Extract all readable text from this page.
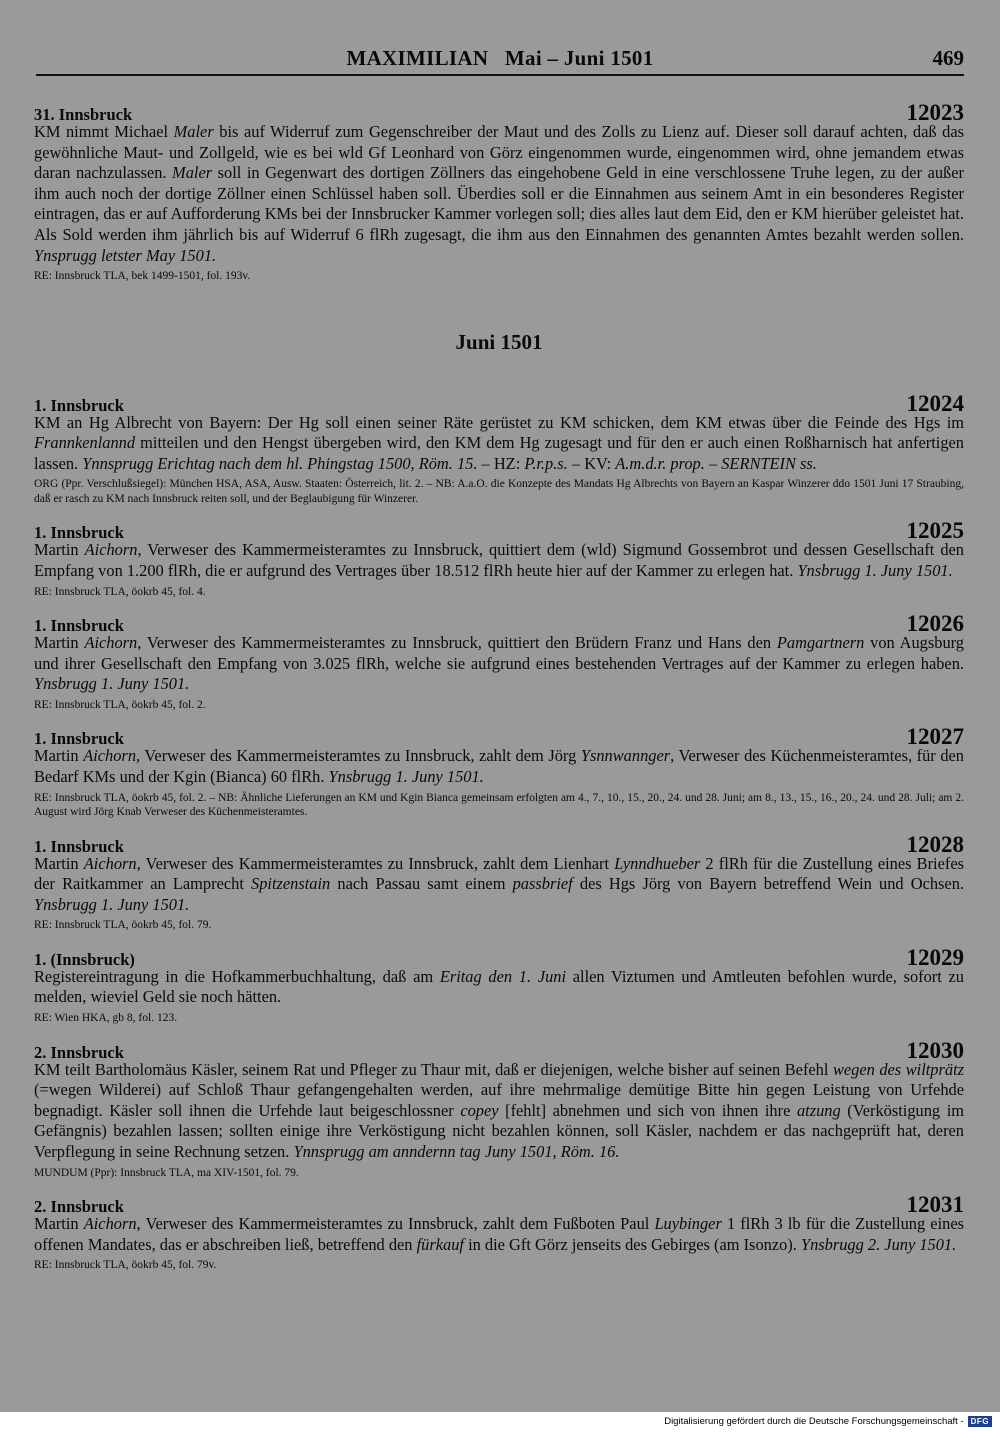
MAXIMILIAN   Mai – Juni 1501	469
31. Innsbruck	12023
KM nimmt Michael Maler bis auf Widerruf zum Gegenschreiber der Maut und des Zolls zu Lienz auf. Dieser soll darauf achten, daß das gewöhnliche Maut- und Zollgeld, wie es bei wld Gf Leonhard von Görz eingenommen wurde, eingenommen wird, ohne jemandem etwas daran nachzulassen. Maler soll in Gegenwart des dortigen Zöllners das eingehobene Geld in eine verschlossene Truhe legen, zu der außer ihm auch noch der dortige Zöllner einen Schlüssel haben soll. Überdies soll er die Einnahmen aus seinem Amt in ein besonderes Register eintragen, das er auf Aufforderung KMs bei der Innsbrucker Kammer vorlegen soll; dies alles laut dem Eid, den er KM hierüber geleistet hat. Als Sold werden ihm jährlich bis auf Widerruf 6 flRh zugesagt, die ihm aus den Einnahmen des genannten Amtes bezahlt werden sollen. Ynsprugg letster May 1501.
RE: Innsbruck TLA, bek 1499-1501, fol. 193v.
Juni 1501
1. Innsbruck	12024
KM an Hg Albrecht von Bayern: Der Hg soll einen seiner Räte gerüstet zu KM schicken, dem KM etwas über die Feinde des Hgs im Frannkenlannd mitteilen und den Hengst übergeben wird, den KM dem Hg zugesagt und für den er auch einen Roßharnisch hat anfertigen lassen. Ynnsprugg Erichtag nach dem hl. Phingstag 1500, Röm. 15. – HZ: P.r.p.s. – KV: A.m.d.r. prop. – SERNTEIN ss.
ORG (Ppr. Verschlußsiegel): München HSA, ASA, Ausw. Staaten: Österreich, lit. 2. – NB: A.a.O. die Konzepte des Mandats Hg Albrechts von Bayern an Kaspar Winzerer ddo 1501 Juni 17 Straubing, daß er rasch zu KM nach Innsbruck reiten soll, und der Beglaubigung für Winzerer.
1. Innsbruck	12025
Martin Aichorn, Verweser des Kammermeisteramtes zu Innsbruck, quittiert dem (wld) Sigmund Gossembrot und dessen Gesellschaft den Empfang von 1.200 flRh, die er aufgrund des Vertrages über 18.512 flRh heute hier auf der Kammer zu erlegen hat. Ynsbrugg 1. Juny 1501.
RE: Innsbruck TLA, öokrb 45, fol. 4.
1. Innsbruck	12026
Martin Aichorn, Verweser des Kammermeisteramtes zu Innsbruck, quittiert den Brüdern Franz und Hans den Pamgartnern von Augsburg und ihrer Gesellschaft den Empfang von 3.025 flRh, welche sie aufgrund eines bestehenden Vertrages auf der Kammer zu erlegen haben. Ynsbrugg 1. Juny 1501.
RE: Innsbruck TLA, öokrb 45, fol. 2.
1. Innsbruck	12027
Martin Aichorn, Verweser des Kammermeisteramtes zu Innsbruck, zahlt dem Jörg Ysnnwannger, Verweser des Küchenmeisteramtes, für den Bedarf KMs und der Kgin (Bianca) 60 flRh. Ynsbrugg 1. Juny 1501.
RE: Innsbruck TLA, öokrb 45, fol. 2. – NB: Ähnliche Lieferungen an KM und Kgin Bianca gemeinsam erfolgten am 4., 7., 10., 15., 20., 24. und 28. Juni; am 8., 13., 15., 16., 20., 24. und 28. Juli; am 2. August wird Jörg Knab Verweser des Küchenmeisteramtes.
1. Innsbruck	12028
Martin Aichorn, Verweser des Kammermeisteramtes zu Innsbruck, zahlt dem Lienhart Lynndhueber 2 flRh für die Zustellung eines Briefes der Raitkammer an Lamprecht Spitzenstain nach Passau samt einem passbrief des Hgs Jörg von Bayern betreffend Wein und Ochsen. Ynsbrugg 1. Juny 1501.
RE: Innsbruck TLA, öokrb 45, fol. 79.
1. (Innsbruck)	12029
Registereintragung in die Hofkammerbuchhaltung, daß am Eritag den 1. Juni allen Viztumen und Amtleuten befohlen wurde, sofort zu melden, wieviel Geld sie noch hätten.
RE: Wien HKA, gb 8, fol. 123.
2. Innsbruck	12030
KM teilt Bartholomäus Käsler, seinem Rat und Pfleger zu Thaur mit, daß er diejenigen, welche bisher auf seinen Befehl wegen des wiltprätz (=wegen Wilderei) auf Schloß Thaur gefangengehalten werden, auf ihre mehrmalige demütige Bitte hin gegen Leistung von Urfehde begnadigt. Käsler soll ihnen die Urfehde laut beigeschlossner copey [fehlt] abnehmen und sich von ihnen ihre atzung (Verköstigung im Gefängnis) bezahlen lassen; sollten einige ihre Verköstigung nicht bezahlen können, soll Käsler, nachdem er das nachgeprüft hat, deren Verpflegung in seine Rechnung setzen. Ynnsprugg am anndernn tag Juny 1501, Röm. 16.
MUNDUM (Ppr): Innsbruck TLA, ma XIV-1501, fol. 79.
2. Innsbruck	12031
Martin Aichorn, Verweser des Kammermeisteramtes zu Innsbruck, zahlt dem Fußboten Paul Luybinger 1 flRh 3 lb für die Zustellung eines offenen Mandates, das er abschreiben ließ, betreffend den fürkauf in die Gft Görz jenseits des Gebirges (am Isonzo). Ynsbrugg 2. Juny 1501.
RE: Innsbruck TLA, öokrb 45, fol. 79v.
Digitalisierung gefördert durch die Deutsche Forschungsgemeinschaft - DFG
